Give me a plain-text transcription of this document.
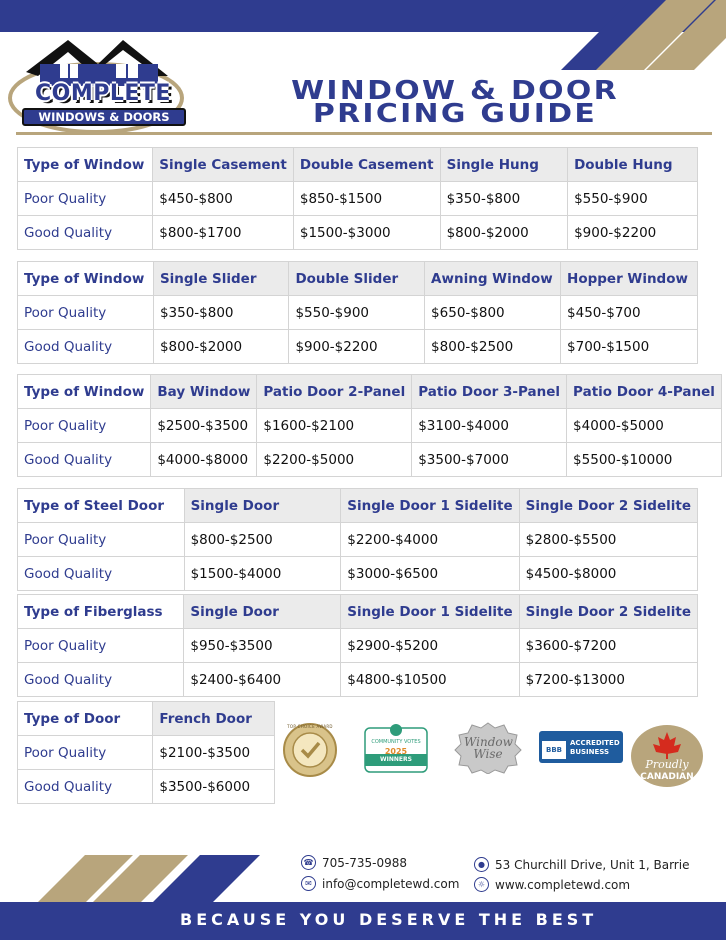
COMPLETE
WINDOWS & DOORS
WINDOW & DOOR
PRICING GUIDE
Type of Window	Single Casement	Double Casement	Single Hung	Double Hung
Poor Quality	$450-$800	$850-$1500	$350-$800	$550-$900
Good Quality	$800-$1700	$1500-$3000	$800-$2000	$900-$2200
Type of Window	Single Slider	Double Slider	Awning Window	Hopper Window
Poor Quality	$350-$800	$550-$900	$650-$800	$450-$700
Good Quality	$800-$2000	$900-$2200	$800-$2500	$700-$1500
Type of Window	Bay Window	Patio Door 2-Panel	Patio Door 3-Panel	Patio Door 4-Panel
Poor Quality	$2500-$3500	$1600-$2100	$3100-$4000	$4000-$5000
Good Quality	$4000-$8000	$2200-$5000	$3500-$7000	$5500-$10000
Type of Steel Door	Single Door	Single Door 1 Sidelite	Single Door 2 Sidelite
Poor Quality	$800-$2500	$2200-$4000	$2800-$5500
Good Quality	$1500-$4000	$3000-$6500	$4500-$8000
Type of Fiberglass	Single Door	Single Door 1 Sidelite	Single Door 2 Sidelite
Poor Quality	$950-$3500	$2900-$5200	$3600-$7200
Good Quality	$2400-$6400	$4800-$10500	$7200-$13000
Type of Door	French Door
Poor Quality	$2100-$3500
Good Quality	$3500-$6000
TOP CHOICE AWARD
COMMUNITY VOTES
2025
WINNERS
Window Wise	BBB
ACCREDITED
BUSINESS
Proudly
CANADIAN
☎ 705-735-0988
✉ info@completewd.com
● 53 Churchill Drive, Unit 1, Barrie
☼ www.completewd.com
BECAUSE YOU DESERVE THE BEST
